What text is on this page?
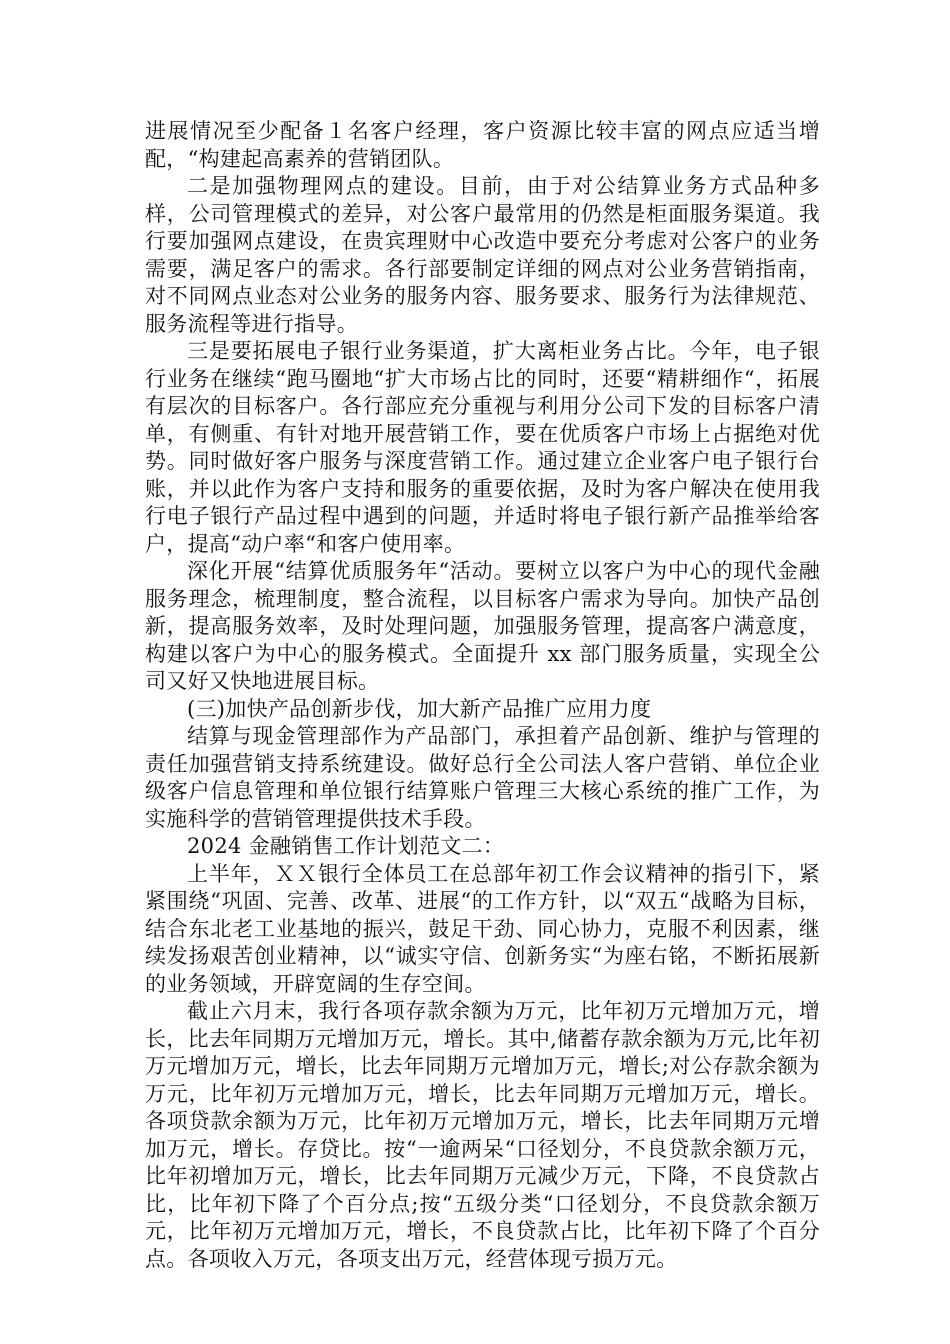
进展情况至少配备１名客户经理，客户资源比较丰富的网点应适当增配，“构建起高素养的营销团队。

二是加强物理网点的建设。目前，由于对公结算业务方式品种多样，公司管理模式的差异，对公客户最常用的仍然是柜面服务渠道。我行要加强网点建设，在贵宾理财中心改造中要充分考虑对公客户的业务需要，满足客户的需求。各行部要制定详细的网点对公业务营销指南，对不同网点业态对公业务的服务内容、服务要求、服务行为法律规范、服务流程等进行指导。

三是要拓展电子银行业务渠道，扩大离柜业务占比。今年，电子银行业务在继续“跑马圈地“扩大市场占比的同时，还要“精耕细作“，拓展有层次的目标客户。各行部应充分重视与利用分公司下发的目标客户清单，有侧重、有针对地开展营销工作，要在优质客户市场上占据绝对优势。同时做好客户服务与深度营销工作。通过建立企业客户电子银行台账，并以此作为客户支持和服务的重要依据，及时为客户解决在使用我行电子银行产品过程中遇到的问题，并适时将电子银行新产品推举给客户，提高“动户率“和客户使用率。

深化开展“结算优质服务年“活动。要树立以客户为中心的现代金融服务理念，梳理制度，整合流程，以目标客户需求为导向。加快产品创新，提高服务效率，及时处理问题，加强服务管理，提高客户满意度，构建以客户为中心的服务模式。全面提升 xx 部门服务质量，实现全公司又好又快地进展目标。

(三)加快产品创新步伐，加大新产品推广应用力度

结算与现金管理部作为产品部门，承担着产品创新、维护与管理的责任加强营销支持系统建设。做好总行全公司法人客户营销、单位企业级客户信息管理和单位银行结算账户管理三大核心系统的推广工作，为实施科学的营销管理提供技术手段。

2024 金融销售工作计划范文二：

上半年，ＸＸ银行全体员工在总部年初工作会议精神的指引下，紧紧围绕“巩固、完善、改革、进展“的工作方针，以“双五“战略为目标，结合东北老工业基地的振兴，鼓足干劲、同心协力，克服不利因素，继续发扬艰苦创业精神，以“诚实守信、创新务实“为座右铭，不断拓展新的业务领域，开辟宽阔的生存空间。

截止六月末，我行各项存款余额为万元，比年初万元增加万元，增长，比去年同期万元增加万元，增长。其中,储蓄存款余额为万元,比年初万元增加万元，增长，比去年同期万元增加万元，增长;对公存款余额为万元，比年初万元增加万元，增长，比去年同期万元增加万元，增长。各项贷款余额为万元，比年初万元增加万元，增长，比去年同期万元增加万元，增长。存贷比。按“一逾两呆“口径划分，不良贷款余额万元，比年初增加万元，增长，比去年同期万元减少万元，下降，不良贷款占比，比年初下降了个百分点;按“五级分类“口径划分，不良贷款余额万元，比年初万元增加万元，增长，不良贷款占比，比年初下降了个百分点。各项收入万元，各项支出万元，经营体现亏损万元。
